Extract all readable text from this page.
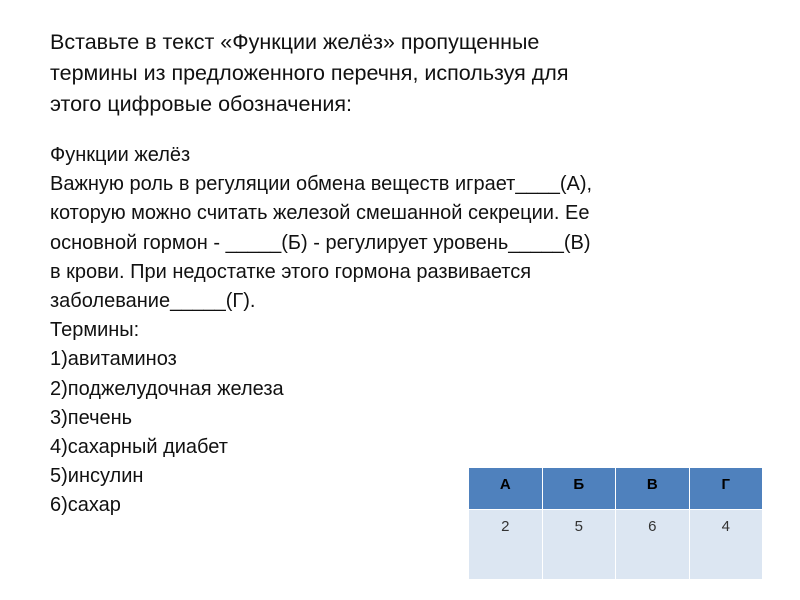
Вставьте в текст «Функции желёз» пропущенные

термины из предложенного перечня, используя для

этого цифровые обозначения:

Функции желёз

Важную роль в регуляции обмена веществ играет____(А),

которую можно считать железой смешанной секреции. Ее

основной гормон - _____(Б) - регулирует уровень_____(В)

в крови. При недостатке этого гормона развивается

заболевание_____(Г).

Термины:

1)авитаминоз
2)поджелудочная железа
3)печень
4)сахарный диабет
5)инсулин
6)сахар
А	Б	В	Г
2	5	6	4
